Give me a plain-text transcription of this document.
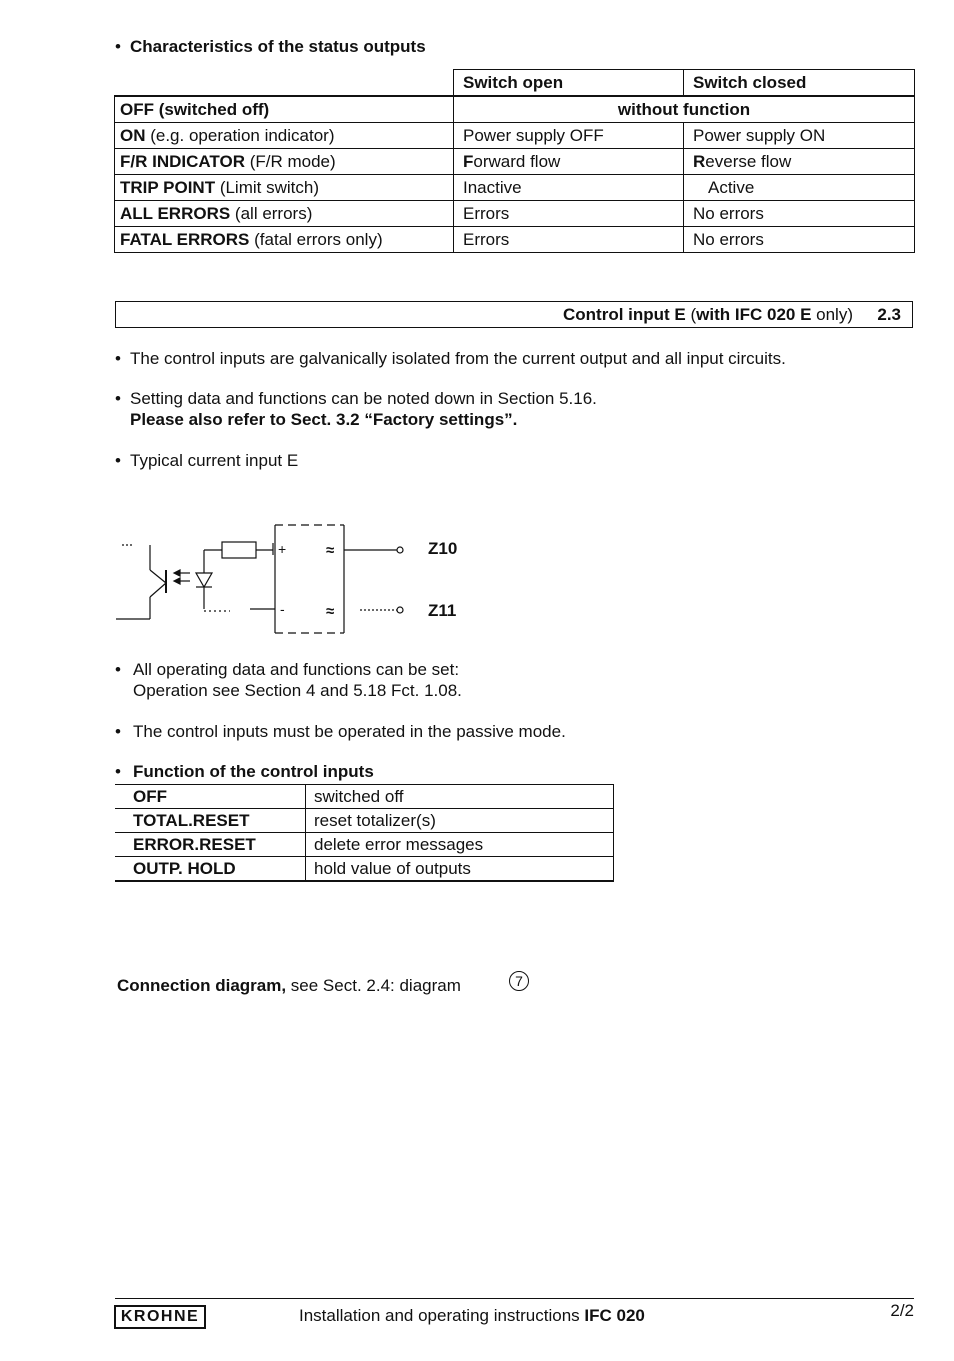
• Characteristics of the status outputs
	Switch open	Switch closed
OFF (switched off)	without function	
ON (e.g. operation indicator)	Power supply OFF	Power supply ON
F/R INDICATOR (F/R mode)	Forward flow	Reverse flow
TRIP POINT (Limit switch)	Inactive	Active
ALL ERRORS (all errors)	Errors	No errors
FATAL ERRORS (fatal errors only)	Errors	No errors
Control input E (with IFC 020 E only) 2.3
• The control inputs are galvanically isolated from the current output and all input circuits.
• Setting data and functions can be noted down in Section 5.16.
Please also refer to Sect. 3.2 “Factory settings”.
• Typical current input E
+
-
≈
≈
Z10
Z11
• All operating data and functions can be set:
Operation see Section 4 and 5.18 Fct. 1.08.
• The control inputs must be operated in the passive mode.
• Function of the control inputs
OFF	switched off
TOTAL.RESET	reset totalizer(s)
ERROR.RESET	delete error messages
OUTP. HOLD	hold value of outputs
Connection diagram, see Sect. 2.4: diagram	7
KROHNE	Installation and operating instructions IFC 020	2/2
